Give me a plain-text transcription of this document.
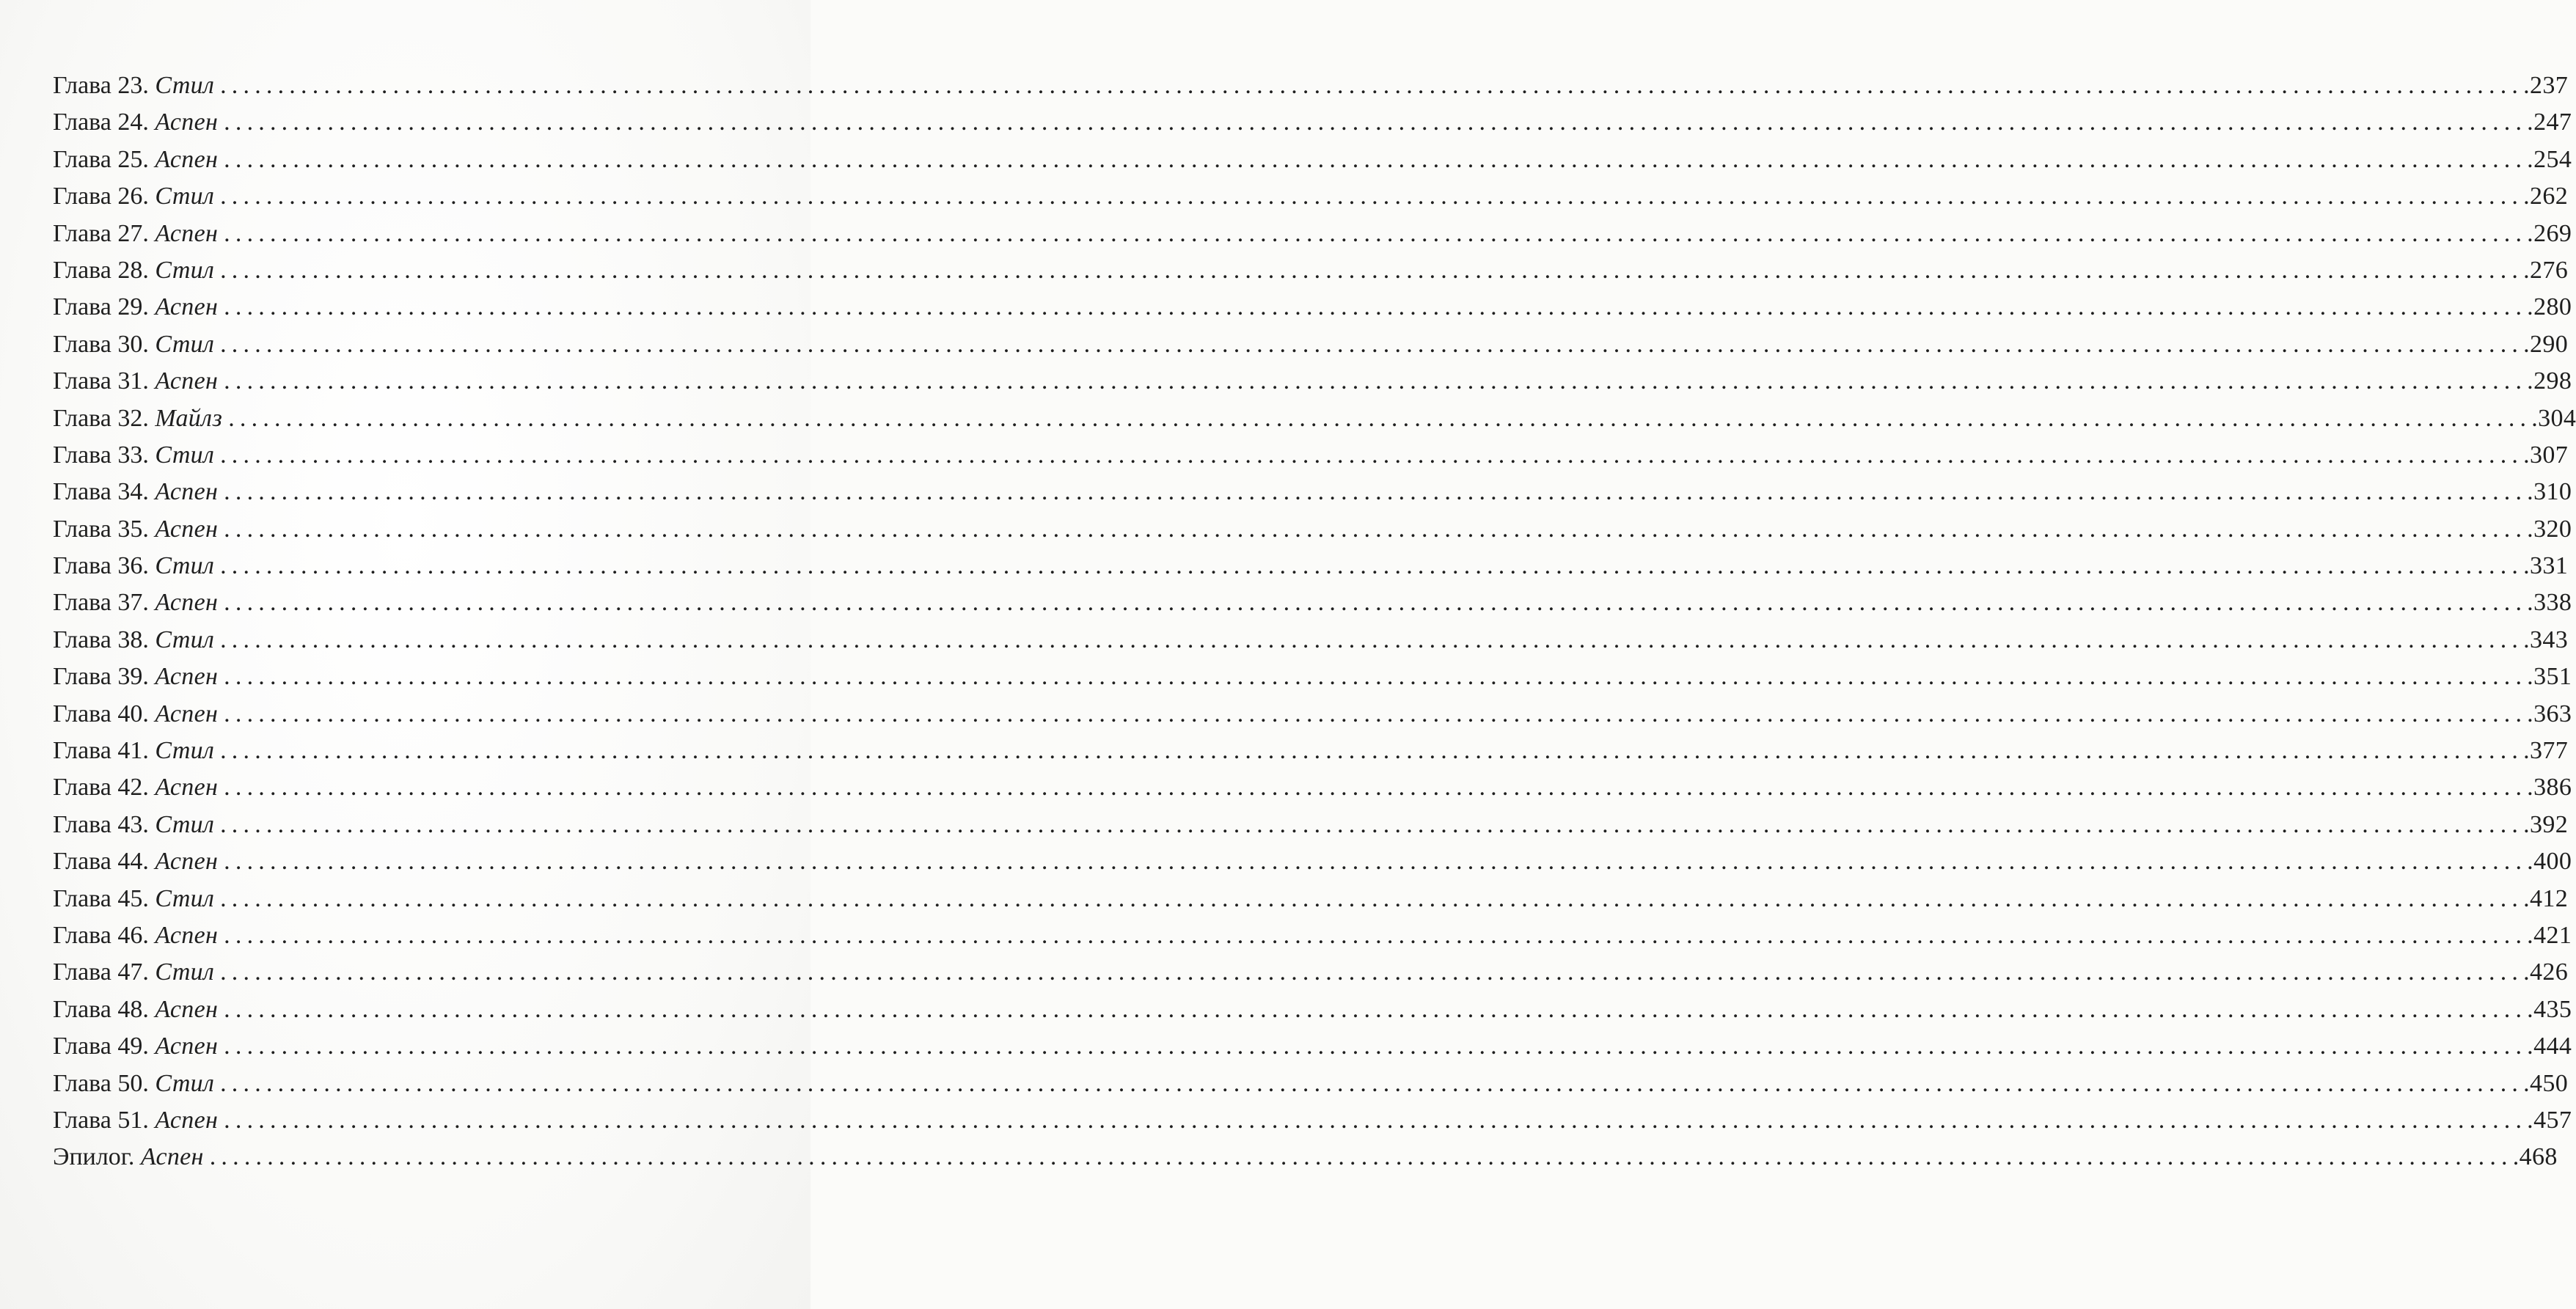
Глава 23. Стил ........................................................................................................................................................................................................ .237
Глава 24. Аспен ........................................................................................................................................................................................................ .247
Глава 25. Аспен ........................................................................................................................................................................................................ .254
Глава 26. Стил ........................................................................................................................................................................................................ .262
Глава 27. Аспен ........................................................................................................................................................................................................ .269
Глава 28. Стил ........................................................................................................................................................................................................ .276
Глава 29. Аспен ........................................................................................................................................................................................................ .280
Глава 30. Стил ........................................................................................................................................................................................................ .290
Глава 31. Аспен ........................................................................................................................................................................................................ .298
Глава 32. Майлз ........................................................................................................................................................................................................ .304
Глава 33. Стил ........................................................................................................................................................................................................ .307
Глава 34. Аспен ........................................................................................................................................................................................................ .310
Глава 35. Аспен ........................................................................................................................................................................................................ .320
Глава 36. Стил ........................................................................................................................................................................................................ .331
Глава 37. Аспен ........................................................................................................................................................................................................ .338
Глава 38. Стил ........................................................................................................................................................................................................ .343
Глава 39. Аспен ........................................................................................................................................................................................................ .351
Глава 40. Аспен ........................................................................................................................................................................................................ .363
Глава 41. Стил ........................................................................................................................................................................................................ .377
Глава 42. Аспен ........................................................................................................................................................................................................ .386
Глава 43. Стил ........................................................................................................................................................................................................ .392
Глава 44. Аспен ........................................................................................................................................................................................................ .400
Глава 45. Стил ........................................................................................................................................................................................................ .412
Глава 46. Аспен ........................................................................................................................................................................................................ .421
Глава 47. Стил ........................................................................................................................................................................................................ .426
Глава 48. Аспен ........................................................................................................................................................................................................ .435
Глава 49. Аспен ........................................................................................................................................................................................................ .444
Глава 50. Стил ........................................................................................................................................................................................................ .450
Глава 51. Аспен ........................................................................................................................................................................................................ .457
Эпилог. Аспен ........................................................................................................................................................................................................ .468
